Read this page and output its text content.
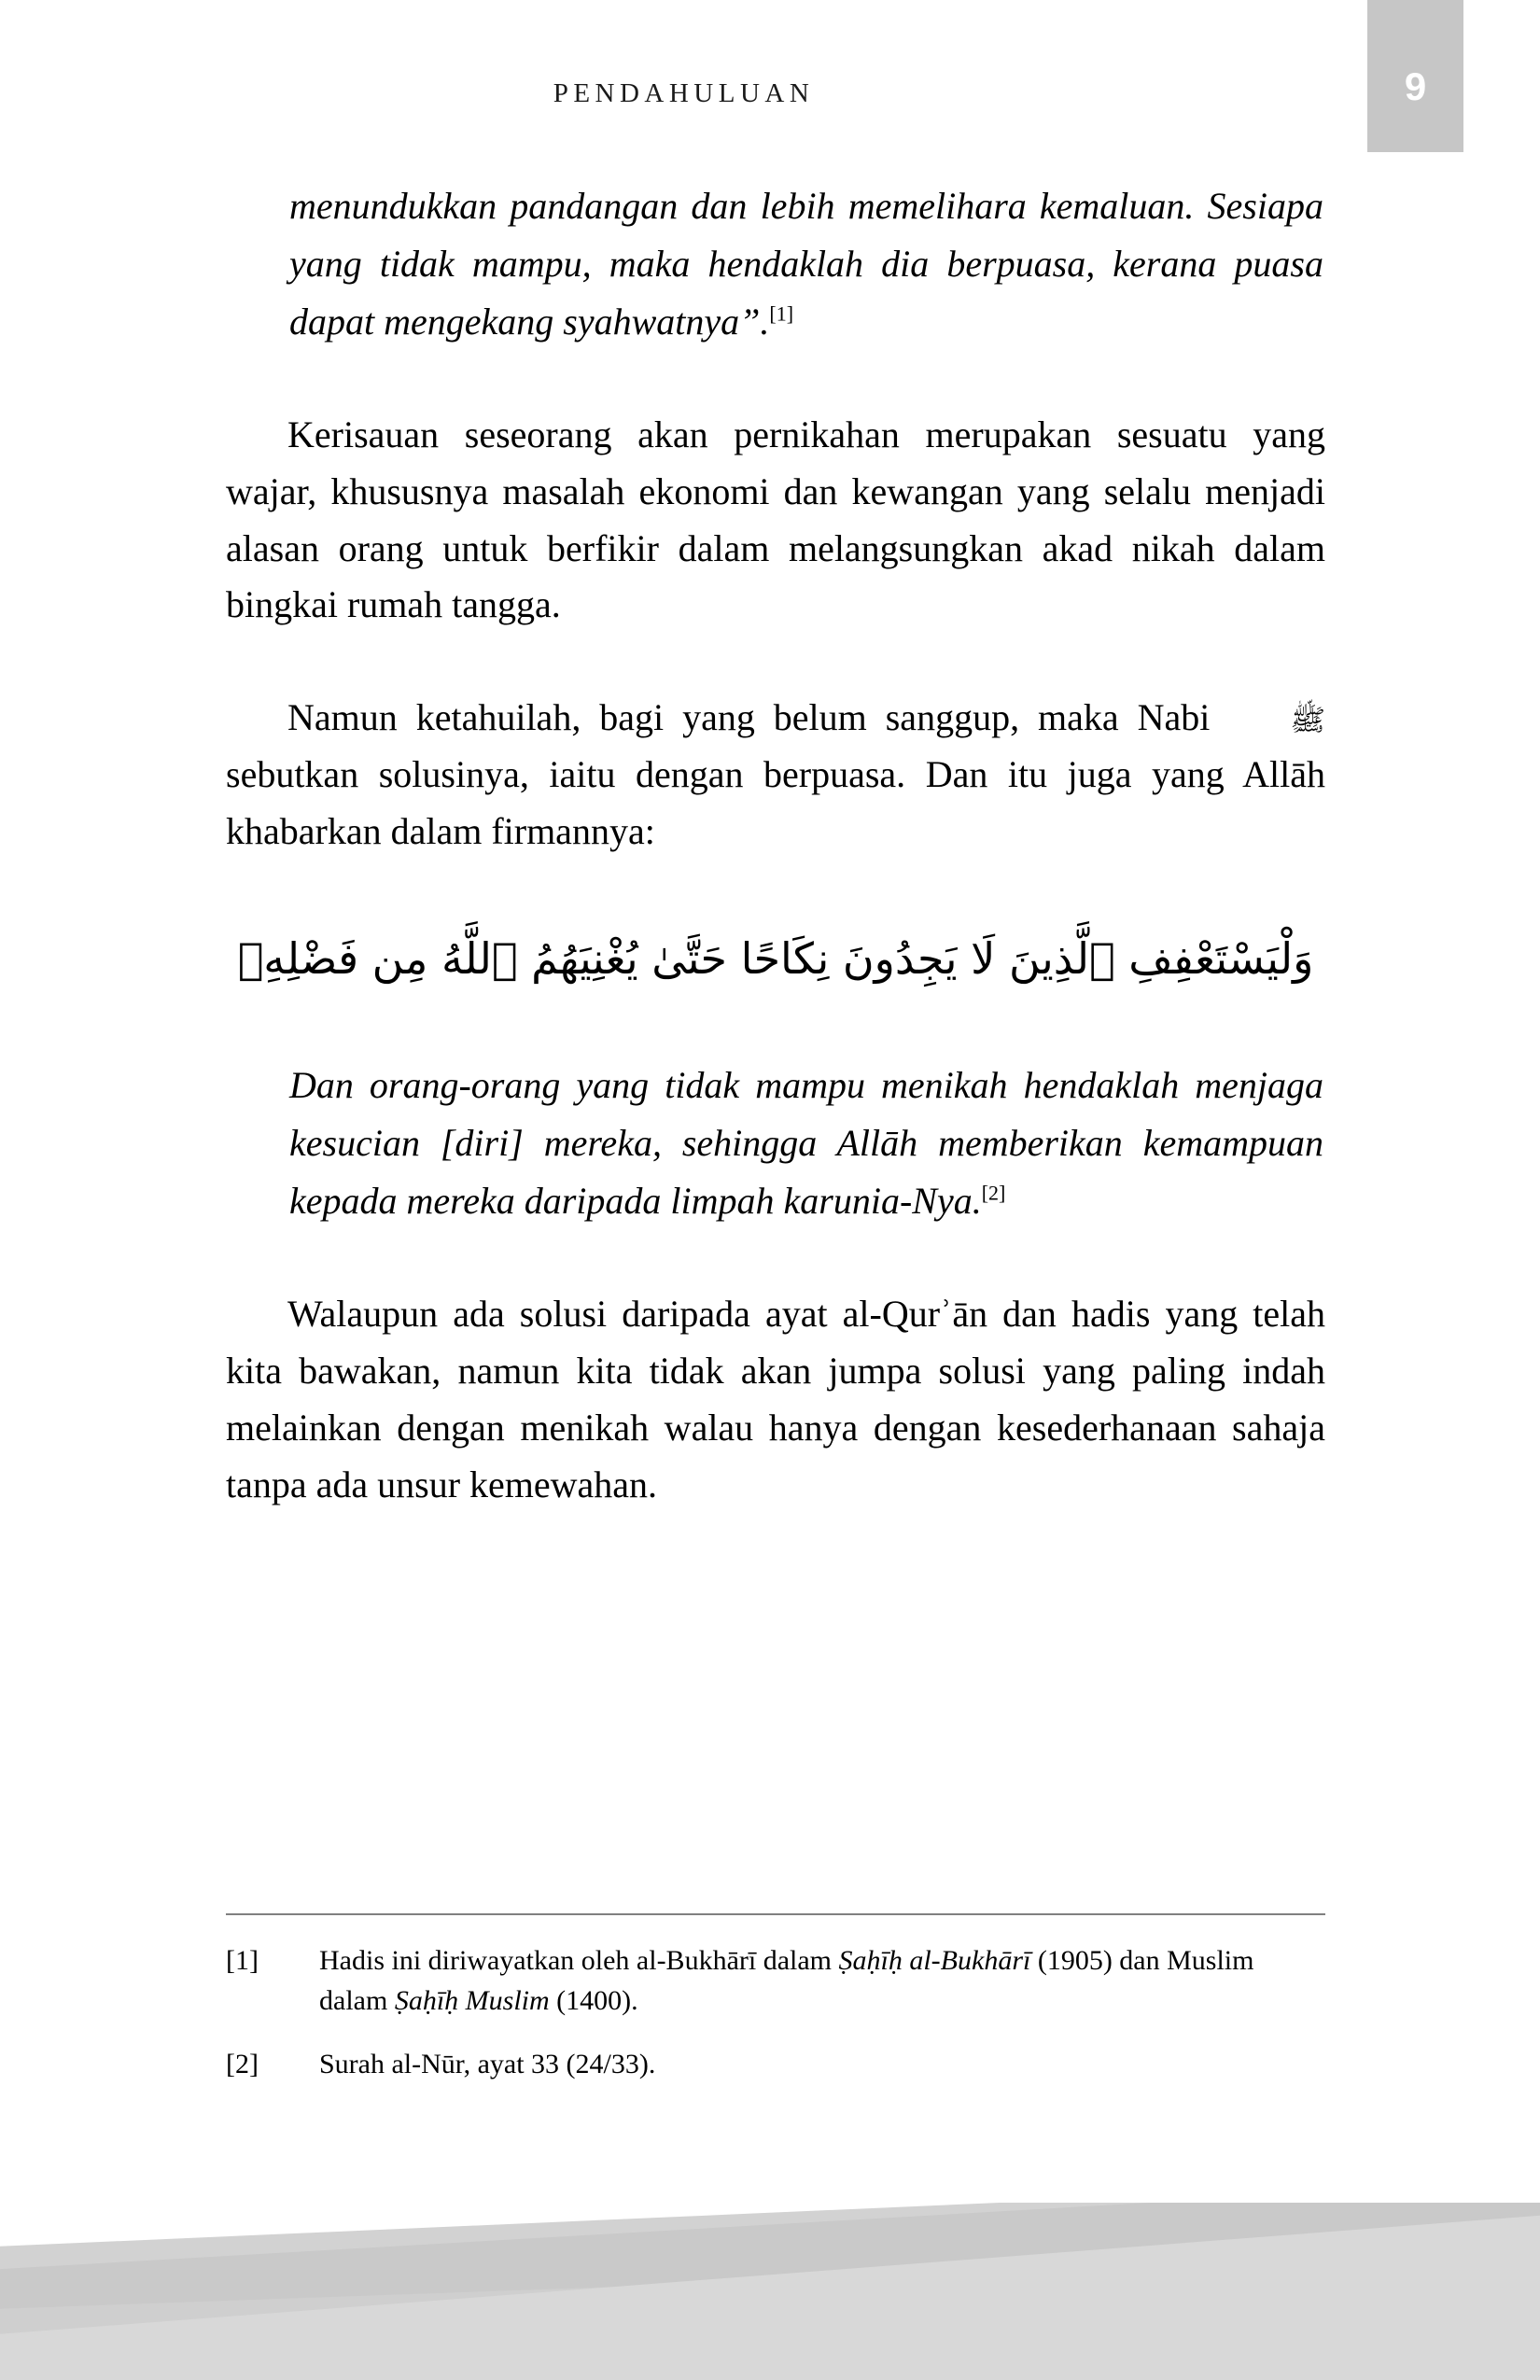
PENDAHULUAN	9

menundukkan pandangan dan lebih memelihara kemaluan. Sesiapa yang tidak mampu, maka hendaklah dia berpuasa, kerana puasa dapat mengekang syahwatnya”.[1]

Kerisauan seseorang akan pernikahan merupakan sesuatu yang wajar, khususnya masalah ekonomi dan kewangan yang selalu menjadi alasan orang untuk berfikir dalam melangsungkan akad nikah dalam bingkai rumah tangga.

Namun ketahuilah, bagi yang belum sanggup, maka Nabi ﷺ sebutkan solusinya, iaitu dengan berpuasa. Dan itu juga yang Allāh khabarkan dalam firmannya:

وَلْيَسْتَعْفِفِ ٱلَّذِينَ لَا يَجِدُونَ نِكَاحًا حَتَّىٰ يُغْنِيَهُمُ ٱللَّهُ مِن فَضْلِهِۛ

Dan orang-orang yang tidak mampu menikah hendaklah menjaga kesucian [diri] mereka, sehingga Allāh memberikan kemampuan kepada mereka daripada limpah karunia-Nya.[2]

Walaupun ada solusi daripada ayat al-Qurʾān dan hadis yang telah kita bawakan, namun kita tidak akan jumpa solusi yang paling indah melainkan dengan menikah walau hanya dengan kesederhanaan sahaja tanpa ada unsur kemewahan.

[1]	Hadis ini diriwayatkan oleh al-Bukhārī dalam Ṣaḥīḥ al-Bukhārī (1905) dan Muslim dalam Ṣaḥīḥ Muslim (1400).
[2]	Surah al-Nūr, ayat 33 (24/33).
